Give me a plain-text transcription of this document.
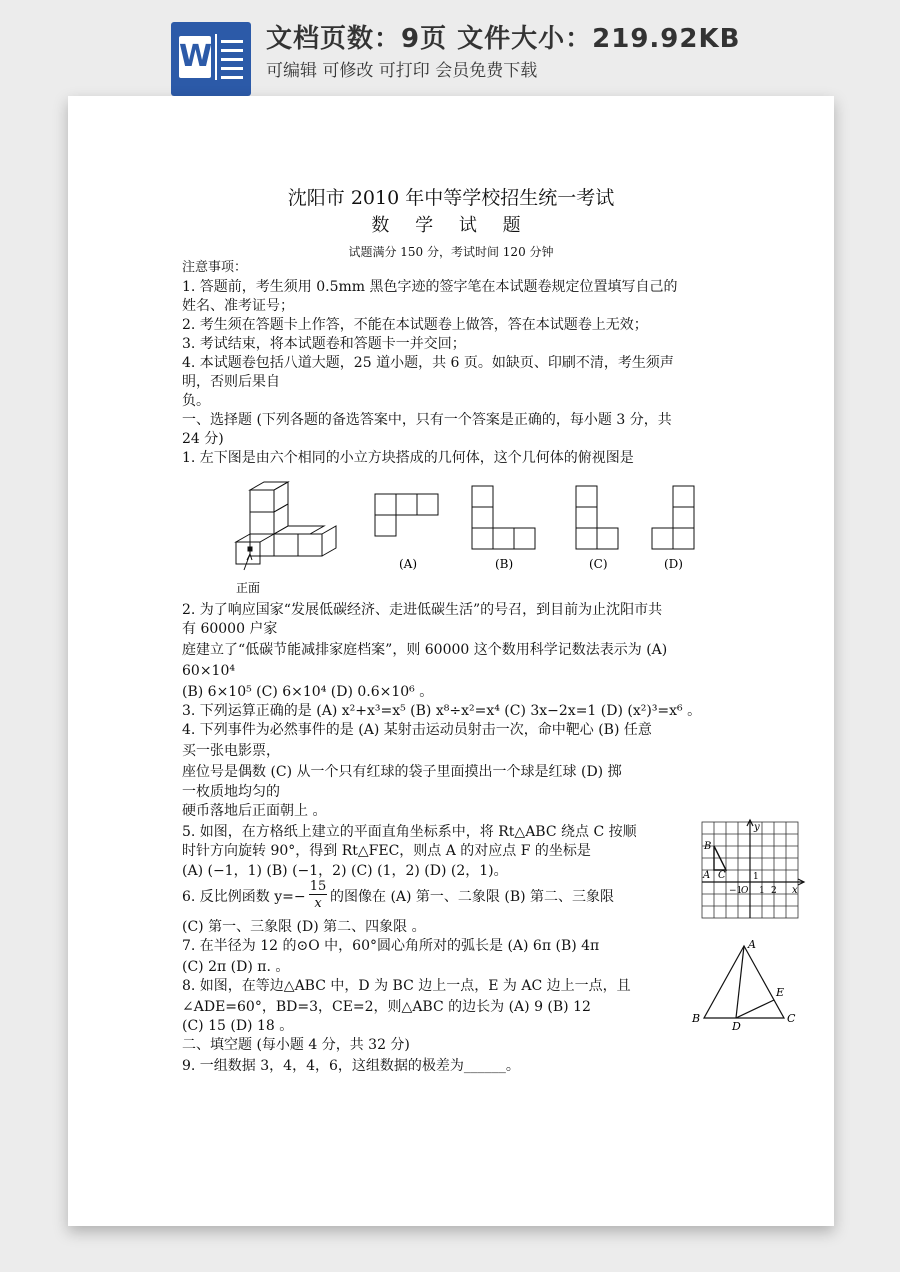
W 文档页数：9页 文件大小：219.92KB
可编辑 可修改 可打印 会员免费下载
沈阳市 2010 年中等学校招生统一考试
数 学 试 题
试题满分 150 分，考试时间 120 分钟
注意事项：
1. 答题前，考生须用 0.5mm 黑色字迹的签字笔在本试题卷规定位置填写自己的
姓名、准考证号；
2. 考生须在答题卡上作答，不能在本试题卷上做答，答在本试题卷上无效；
3. 考试结束，将本试题卷和答题卡一并交回；
4. 本试题卷包括八道大题，25 道小题，共 6 页。如缺页、印刷不清，考生须声
明，否则后果自
负。
一、选择题 (下列各题的备选答案中，只有一个答案是正确的，每小题 3 分，共
24 分)
1. 左下图是由六个相同的小立方块搭成的几何体，这个几何体的俯视图是
正面
(A)	(B)	(C)	(D)
2. 为了响应国家“发展低碳经济、走进低碳生活”的号召，到目前为止沈阳市共
有 60000 户家
庭建立了“低碳节能减排家庭档案”，则 60000 这个数用科学记数法表示为 (A)
60×10⁴
(B) 6×10⁵ (C) 6×10⁴ (D) 0.6×10⁶ 。
3. 下列运算正确的是 (A) x²+x³=x⁵ (B) x⁸÷x²=x⁴ (C) 3x−2x=1 (D) (x²)³=x⁶ 。
4. 下列事件为必然事件的是 (A) 某射击运动员射击一次，命中靶心 (B) 任意
买一张电影票，
座位号是偶数 (C) 从一个只有红球的袋子里面摸出一个球是红球 (D) 掷
一枚质地均匀的
硬币落地后正面朝上 。
5. 如图，在方格纸上建立的平面直角坐标系中，将 Rt△ABC 绕点 C 按顺
时针方向旋转 90°，得到 Rt△FEC，则点 A 的对应点 F 的坐标是
(A) (−1，1) (B) (−1，2) (C) (1，2) (D) (2，1)。
6. 反比例函数 y=−
15
x 的图像在 (A) 第一、二象限 (B) 第二、三象限
(C) 第一、三象限 (D) 第二、四象限 。
7. 在半径为 12 的⊙O 中，60°圆心角所对的弧长是 (A) 6π (B) 4π
(C) 2π (D) π. 。
8. 如图，在等边△ABC 中，D 为 BC 边上一点，E 为 AC 边上一点，且
∠ADE=60°，BD=3，CE=2，则△ABC 的边长为 (A) 9 (B) 12
(C) 15 (D) 18 。
二、填空题 (每小题 4 分，共 32 分)
9. 一组数据 3，4，4，6，这组数据的极差为______。
y
B
A C	1
−1
O 1 2 x
A
E
B
D
C
